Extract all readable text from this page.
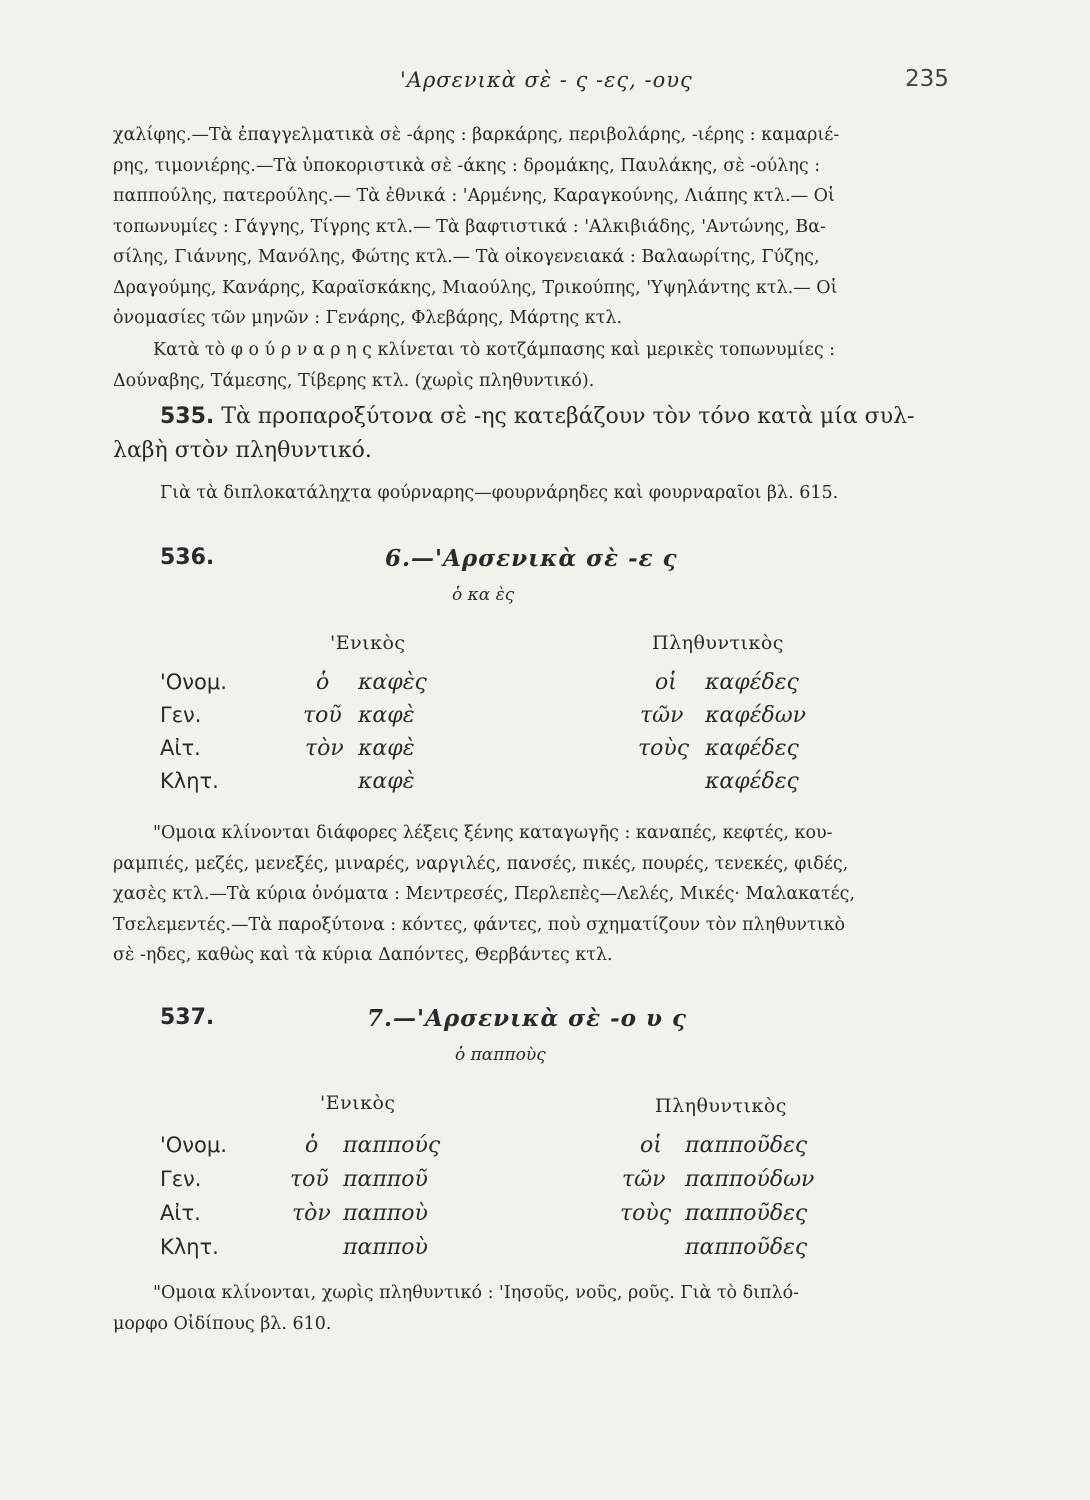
'Αρσενικὰ σὲ - ς -ες, -ους	235
χαλίφης.—Τὰ ἐπαγγελματικὰ σὲ -άρης : βαρκάρης, περιβολάρης, -ιέρης : καμαριέ-
ρης, τιμονιέρης.—Τὰ ὑποκοριστικὰ σὲ -άκης : δρομάκης, Παυλάκης, σὲ -ούλης :
παππούλης, πατερούλης.— Τὰ ἐθνικά : 'Αρμένης, Καραγκούνης, Λιάπης κτλ.— Οἱ
τοπωνυμίες : Γάγγης, Τίγρης κτλ.— Τὰ βαφτιστικά : 'Αλκιβιάδης, 'Αντώνης, Βα-
σίλης, Γιάννης, Μανόλης, Φώτης κτλ.— Τὰ οἰκογενειακά : Βαλαωρίτης, Γύζης,
Δραγούμης, Κανάρης, Καραϊσκάκης, Μιαούλης, Τρικούπης, 'Υψηλάντης κτλ.— Οἱ
ὀνομασίες τῶν μηνῶν : Γενάρης, Φλεβάρης, Μάρτης κτλ.
Κατὰ τὸ φ ο ύ ρ ν α ρ η ς κλίνεται τὸ κοτζάμπασης καὶ μερικὲς τοπωνυμίες :
Δούναβης, Τάμεσης, Τίβερης κτλ. (χωρὶς πληθυντικό).
535. Τὰ προπαροξύτονα σὲ -ης κατεβάζουν τὸν τόνο κατὰ μία συλ-
λαβὴ στὸν πληθυντικό.
Γιὰ τὰ διπλοκατάληχτα φούρναρης—φουρνάρηδες καὶ φουρναραῖοι βλ. 615.
536.	6.—'Αρσενικὰ σὲ -ε ς
ὁ κα ὲς
'Ενικὸς	Πληθυντικὸς
'Ονομ.	ὁ καφὲς	οἱ καφέδες
Γεν.	τοῦ καφὲ	τῶν καφέδων
Αἰτ.	τὸν καφὲ	τοὺς καφέδες
Κλητ.	καφὲ	καφέδες
"Ομοια κλίνονται διάφορες λέξεις ξένης καταγωγῆς : καναπές, κεφτές, κου-
ραμπιές, μεζές, μενεξές, μιναρές, ναργιλές, πανσές, πικές, πουρές, τενεκές, φιδές,
χασὲς κτλ.—Τὰ κύρια ὀνόματα : Μεντρεσές, Περλεπὲς—Λελές, Μικές· Μαλακατές,
Τσελεμεντές.—Τὰ παροξύτονα : κόντες, φάντες, ποὺ σχηματίζουν τὸν πληθυντικὸ
σὲ -ηδες, καθὼς καὶ τὰ κύρια Δαπόντες, Θερβάντες κτλ.
537.	7.—'Αρσενικὰ σὲ -ο υ ς
ὁ παπποὺς
'Ενικὸς	Πληθυντικὸς
'Ονομ.	ὁ παππούς	οἱ παπποῦδες
Γεν.	τοῦ παπποῦ	τῶν παππούδων
Αἰτ.	τὸν παπποὺ	τοὺς παπποῦδες
Κλητ.	παπποὺ	παπποῦδες
"Ομοια κλίνονται, χωρὶς πληθυντικό : 'Ιησοῦς, νοῦς, ροῦς. Γιὰ τὸ διπλό-
μορφο Οἰδίπους βλ. 610.
